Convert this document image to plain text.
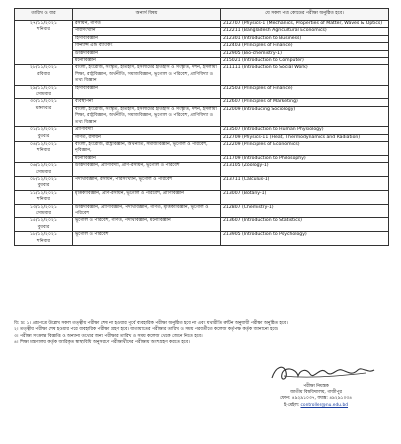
তারিখ ও বার	অনার্স বিষয়	যে সকল পত্র কোডের পরীক্ষা অনুষ্ঠিত হবে।

২৭/১১/২০২১
শনিবার	রসায়ন, গণিত	212707 (Physics-1 (Mechanics, Properties of Matter, Waves & Optics)
	পরিসংখ্যান	212211 (Bangladesh Agricultural Economics)
	হিসাববিজ্ঞান	212301 (Introduction to Business)
	ফিন্যান্স এন্ড ব্যাংকিং	212403 (Principles of Finance)
	উদ্ভিদবিজ্ঞান	212905 (Bio-chemistry-1)
	মনোবিজ্ঞান	215021 (Introduction to Computer)

২৮/১১/২০২১
রবিবার	বাংলা, ইংরেজি, সংস্কৃত, ইতিহাস, ইসলামের ইতিহাস ও সংস্কৃতি, দর্শন, ইসলামী শিক্ষা, রাষ্ট্রবিজ্ঞান, অর্থনীতি, সমাজবিজ্ঞান, ভূগোল ও পরিবেশ, প্রাণিবিদ্যা ও তথ্য বিজ্ঞান	211111 (Introduction to Social Work)

২৯/১১/২০২১
সোমবার	হিসাববিজ্ঞান	212503 (Principles of Finance)

৩০/১১/২০২১
মঙ্গলবার	ব্যবস্থাপনা	212607 (Principles of Marketing)
	বাংলা, ইংরেজি, সংস্কৃত, ইতিহাস, ইসলামের ইতিহাস ও সংস্কৃতি, দর্শন, ইসলামী শিক্ষা, রাষ্ট্রবিজ্ঞান, অর্থনীতি, সমাজবিজ্ঞান, ভূগোল ও পরিবেশ, প্রাণিবিদ্যা ও তথ্য বিজ্ঞান	212009 (Introducing Sociology)

০১/১২/২০২১
বুধবার	প্রাণিবিদ্যা	213507 (Introduction to Human Physiology)
	গণিত, রসায়ন	212709 (Physics-11 (Heat, Thermodynamics and Radiation)

০৪/১২/২০২১
শনিবার	বাংলা, ইংরেজি, রাষ্ট্রবিজ্ঞান, অর্থনীতি, সমাজবিজ্ঞান, ভূগোল ও পরিবেশ, নৃবিজ্ঞান,	212209 (Principles of Economics)
	মনোবিজ্ঞান	211709 (Introduction to Philosophy)

০৬/১২/২০২১
সোমবার	উদ্ভিদবিজ্ঞান, প্রাণিবিদ্যা, প্রাণ-রসায়ন, ভূগোল ও পরিবেশ	213105 (Zoology-1)

০৮/১২/২০২১
বুধবার	পদার্থবিজ্ঞান, রসায়ন, পরিসংখ্যান, ভূগোল ও পরিবেশ	213711 (Calculus-1)

১১/১২/২০২১
শনিবার	মৃত্তিকাবিজ্ঞান, প্রাণ-রসায়ন, ভূগোল ও পরিবেশ, প্রাণিবিজ্ঞান	213007 (Botany-1)

১৩/১২/২০২১
সোমবার	উদ্ভিদবিজ্ঞান, প্রাণিবিজ্ঞান, পদার্থবিজ্ঞান, গণিত, মৃত্তিকাবিজ্ঞান, ভূগোল ও পরিবেশ	212807 (Chemistry-1)

১৫/১২/২০২১
বুধবার	ভূগোল ও পরিবেশ, গণিত, পদার্থবিজ্ঞান, মনোবিজ্ঞান	213607 (Introduction to Statistics)

১৮/১২/২০২১
শনিবার	ভূগোল ও পরিবেশ	213905 (Introduction to Psychology)

বি: দ্র: ১। প্রশ্নপত্রে উল্লেখ সকল তত্ত্বীয় পরীক্ষা শেষ না হওয়ার পূর্বে ব্যবহারিক পরীক্ষা অনুষ্ঠিত হবে না এবং যথারীতি রুটিন অনুযায়ী পরীক্ষা অনুষ্ঠিত হবে।

২। তত্ত্বীয় পরীক্ষা শেষ হওয়ার পরে ব্যবহারিক পরীক্ষা গ্রহণ হবে। যাতায়াতের পরীক্ষার তারিখ ও সময় পরবর্তীতে কলেজ কর্তৃপক্ষ কর্তৃক জানানো হবে।

৩। পরীক্ষা সংক্রান্ত বিজ্ঞপ্তি ও অন্যান্য তথ্যের জন্য পরীক্ষার তারিখ ও সময় কলেজ থেকে জেনে নিতে হবে।

৪। শিক্ষা মন্ত্রণালয় কর্তৃক জারিকৃত স্বাস্থ্যবিধি অনুসরণে পরীক্ষার্থীদের পরীক্ষায় অংশগ্রহণ করতে হবে।

পরীক্ষা নিয়ন্ত্রক
জাতীয় বিশ্ববিদ্যালয়, গাজীপুর
ফোন: ৪৯২৯১০৩৭, ফ্যাক্স: ৪৯২৯১০৩৪
ই-মেইল: controller@nu.edu.bd
